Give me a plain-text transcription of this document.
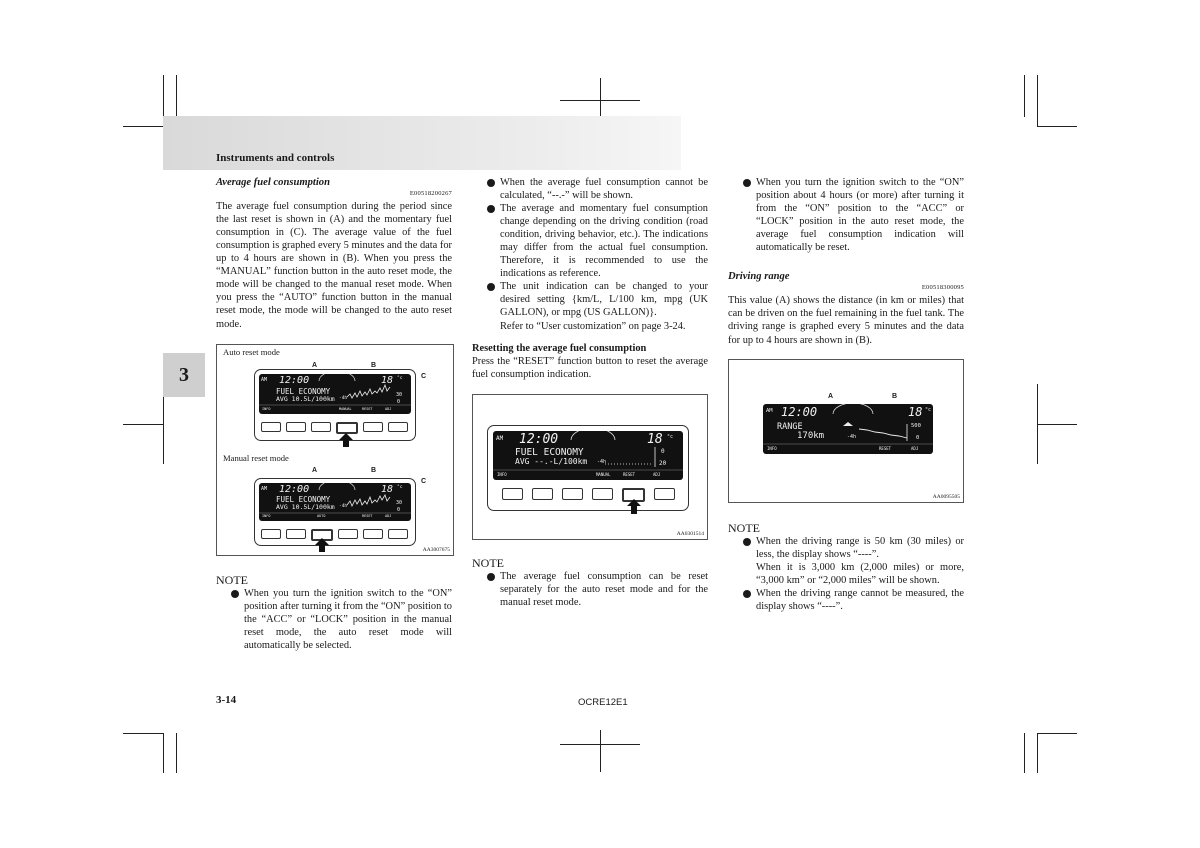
Instruments and controls
3
Average fuel consumption
E00518200267

The average fuel consumption during the period since the last reset is shown in (A) and the momentary fuel consumption in (C). The average value of the fuel consumption is graphed every 5 minutes and the data for up to 4 hours are shown in (B). When you press the “MANUAL” function button in the auto reset mode, the mode will be changed to the manual reset mode. When you press the “AUTO” function button in the manual reset mode, the mode will be changed to the auto reset mode.

Auto reset mode
A	B
C
AM 12:00	18 °c
FUEL ECONOMY
AVG 10.5L/100km -4h
30
0
INFO	MANUAL	RESET	ADJ
Manual reset mode
A	B
C
AM 12:00	18 °c
FUEL ECONOMY
AVG 10.5L/100km -4h
30
0
INFO	AUTO	RESET	ADJ
AA3007675
NOTE

When you turn the ignition switch to the “ON” position after turning it from the “ON” position to the “ACC” or “LOCK” position in the manual reset mode, the auto reset mode will automatically be selected.

When the average fuel consumption cannot be calculated, “--.-” will be shown.

The average and momentary fuel consumption change depending on the driving condition (road condition, driving behavior, etc.). The indications may differ from the actual fuel consumption. Therefore, it is recommended to use the indications as reference.

The unit indication can be changed to your desired setting {km/L, L/100 km, mpg (UK GALLON), or mpg (US GALLON)}.
Refer to “User customization” on page 3-24.

Resetting the average fuel consumption

Press the “RESET” function button to reset the average fuel consumption indication.

AM 12:00	18 °c
FUEL ECONOMY
AVG --.-L/100km -4h
0
20
INFO	MANUAL	RESET	ADJ
AA0301514
NOTE

The average fuel consumption can be reset separately for the auto reset mode and for the manual reset mode.

When you turn the ignition switch to the “ON” position about 4 hours (or more) after turning it from the “ON” position to the “ACC” or “LOCK” position in the auto reset mode, the average fuel consumption indication will automatically be reset.

Driving range
E00518300095

This value (A) shows the distance (in km or miles) that can be driven on the fuel remaining in the fuel tank. The driving range is graphed every 5 minutes and the data for up to 4 hours are shown in (B).

A	B
AM 12:00	18 °c
RANGE
170km	-4h
500
0
INFO	RESET	ADJ
AA0095505
NOTE

When the driving range is 50 km (30 miles) or less, the display shows “----”.
When it is 3,000 km (2,000 miles) or more, “3,000 km” or “2,000 miles” will be shown.

When the driving range cannot be measured, the display shows “----”.

3-14	OCRE12E1
